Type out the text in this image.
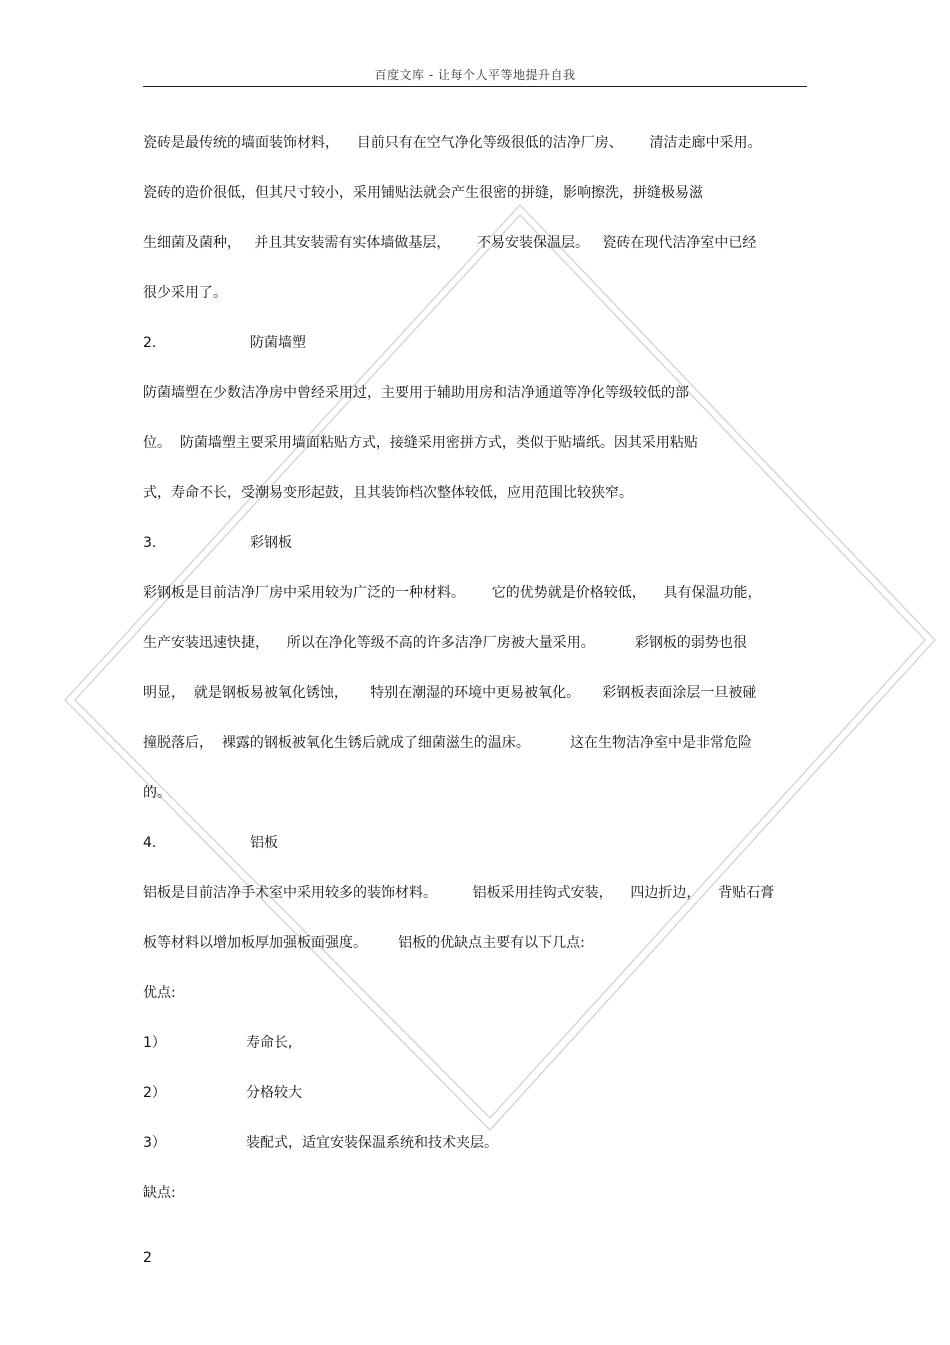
百度文库 - 让每个人平等地提升自我
瓷砖是最传统的墙面装饰材料，    目前只有在空气净化等级很低的洁净厂房、      清洁走廊中采用。
瓷砖的造价很低，但其尺寸较小，采用铺贴法就会产生很密的拼缝，影响擦洗，拼缝极易滋
生细菌及菌种，   并且其安装需有实体墙做基层，      不易安装保温层。   瓷砖在现代洁净室中已经
很少采用了。
2.	防菌墙塑
防菌墙塑在少数洁净房中曾经采用过，主要用于辅助用房和洁净通道等净化等级较低的部
位。  防菌墙塑主要采用墙面粘贴方式，接缝采用密拼方式，类似于贴墙纸。因其采用粘贴
式，寿命不长，受潮易变形起鼓，且其装饰档次整体较低，应用范围比较狭窄。
3.	彩钢板
彩钢板是目前洁净厂房中采用较为广泛的一种材料。      它的优势就是价格较低，    具有保温功能，
生产安装迅速快捷，    所以在净化等级不高的许多洁净厂房被大量采用。         彩钢板的弱势也很
明显，  就是钢板易被氧化锈蚀，     特别在潮湿的环境中更易被氧化。     彩钢板表面涂层一旦被碰
撞脱落后，  裸露的钢板被氧化生锈后就成了细菌滋生的温床。         这在生物洁净室中是非常危险
的。
4.	铝板
铝板是目前洁净手术室中采用较多的装饰材料。        铝板采用挂钩式安装，    四边折边，    背贴石膏
板等材料以增加板厚加强板面强度。       铝板的优缺点主要有以下几点:
优点:
1）	寿命长,
2）	分格较大
3）	装配式，适宜安装保温系统和技术夹层。
缺点:
2
